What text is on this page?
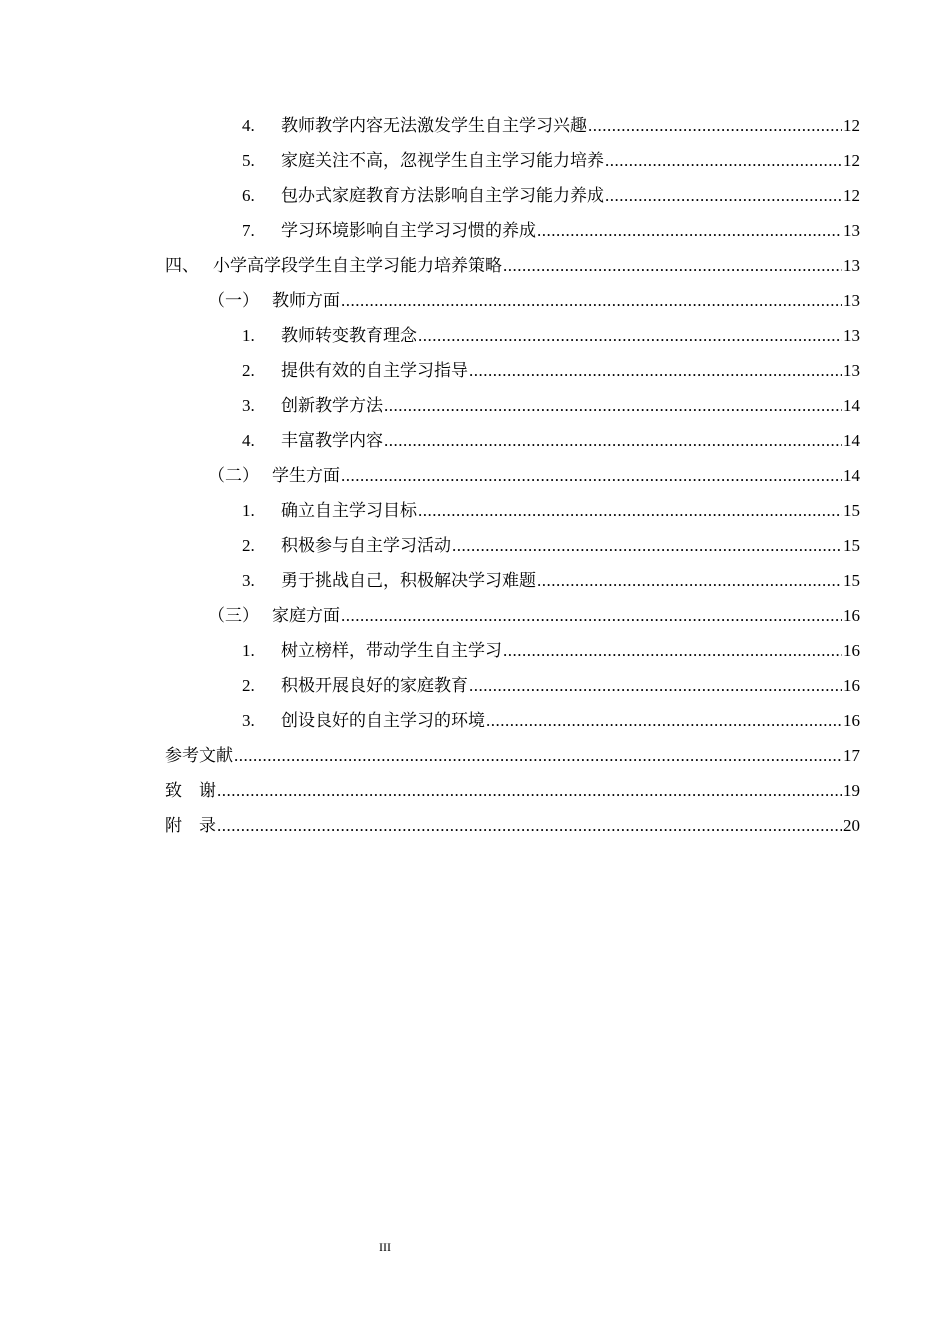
4.	教师教学内容无法激发学生自主学习兴趣 .....	12
5.	家庭关注不高，忽视学生自主学习能力培养 .....	12
6.	包办式家庭教育方法影响自主学习能力养成 .....	12
7.	学习环境影响自主学习习惯的养成 .....	13
四、 小学高学段学生自主学习能力培养策略 .....	13
（一） 教师方面 .....	13
1.	教师转变教育理念 .....	13
2.	提供有效的自主学习指导 .....	13
3.	创新教学方法 .....	14
4.	丰富教学内容 .....	14
（二） 学生方面 .....	14
1.	确立自主学习目标 .....	15
2.	积极参与自主学习活动 .....	15
3.	勇于挑战自己，积极解决学习难题 .....	15
（三） 家庭方面 .....	16
1.	树立榜样，带动学生自主学习 .....	16
2.	积极开展良好的家庭教育 .....	16
3.	创设良好的自主学习的环境 .....	16
参考文献 .....	17
致　谢 .....	19
附　录 .....	20
III
